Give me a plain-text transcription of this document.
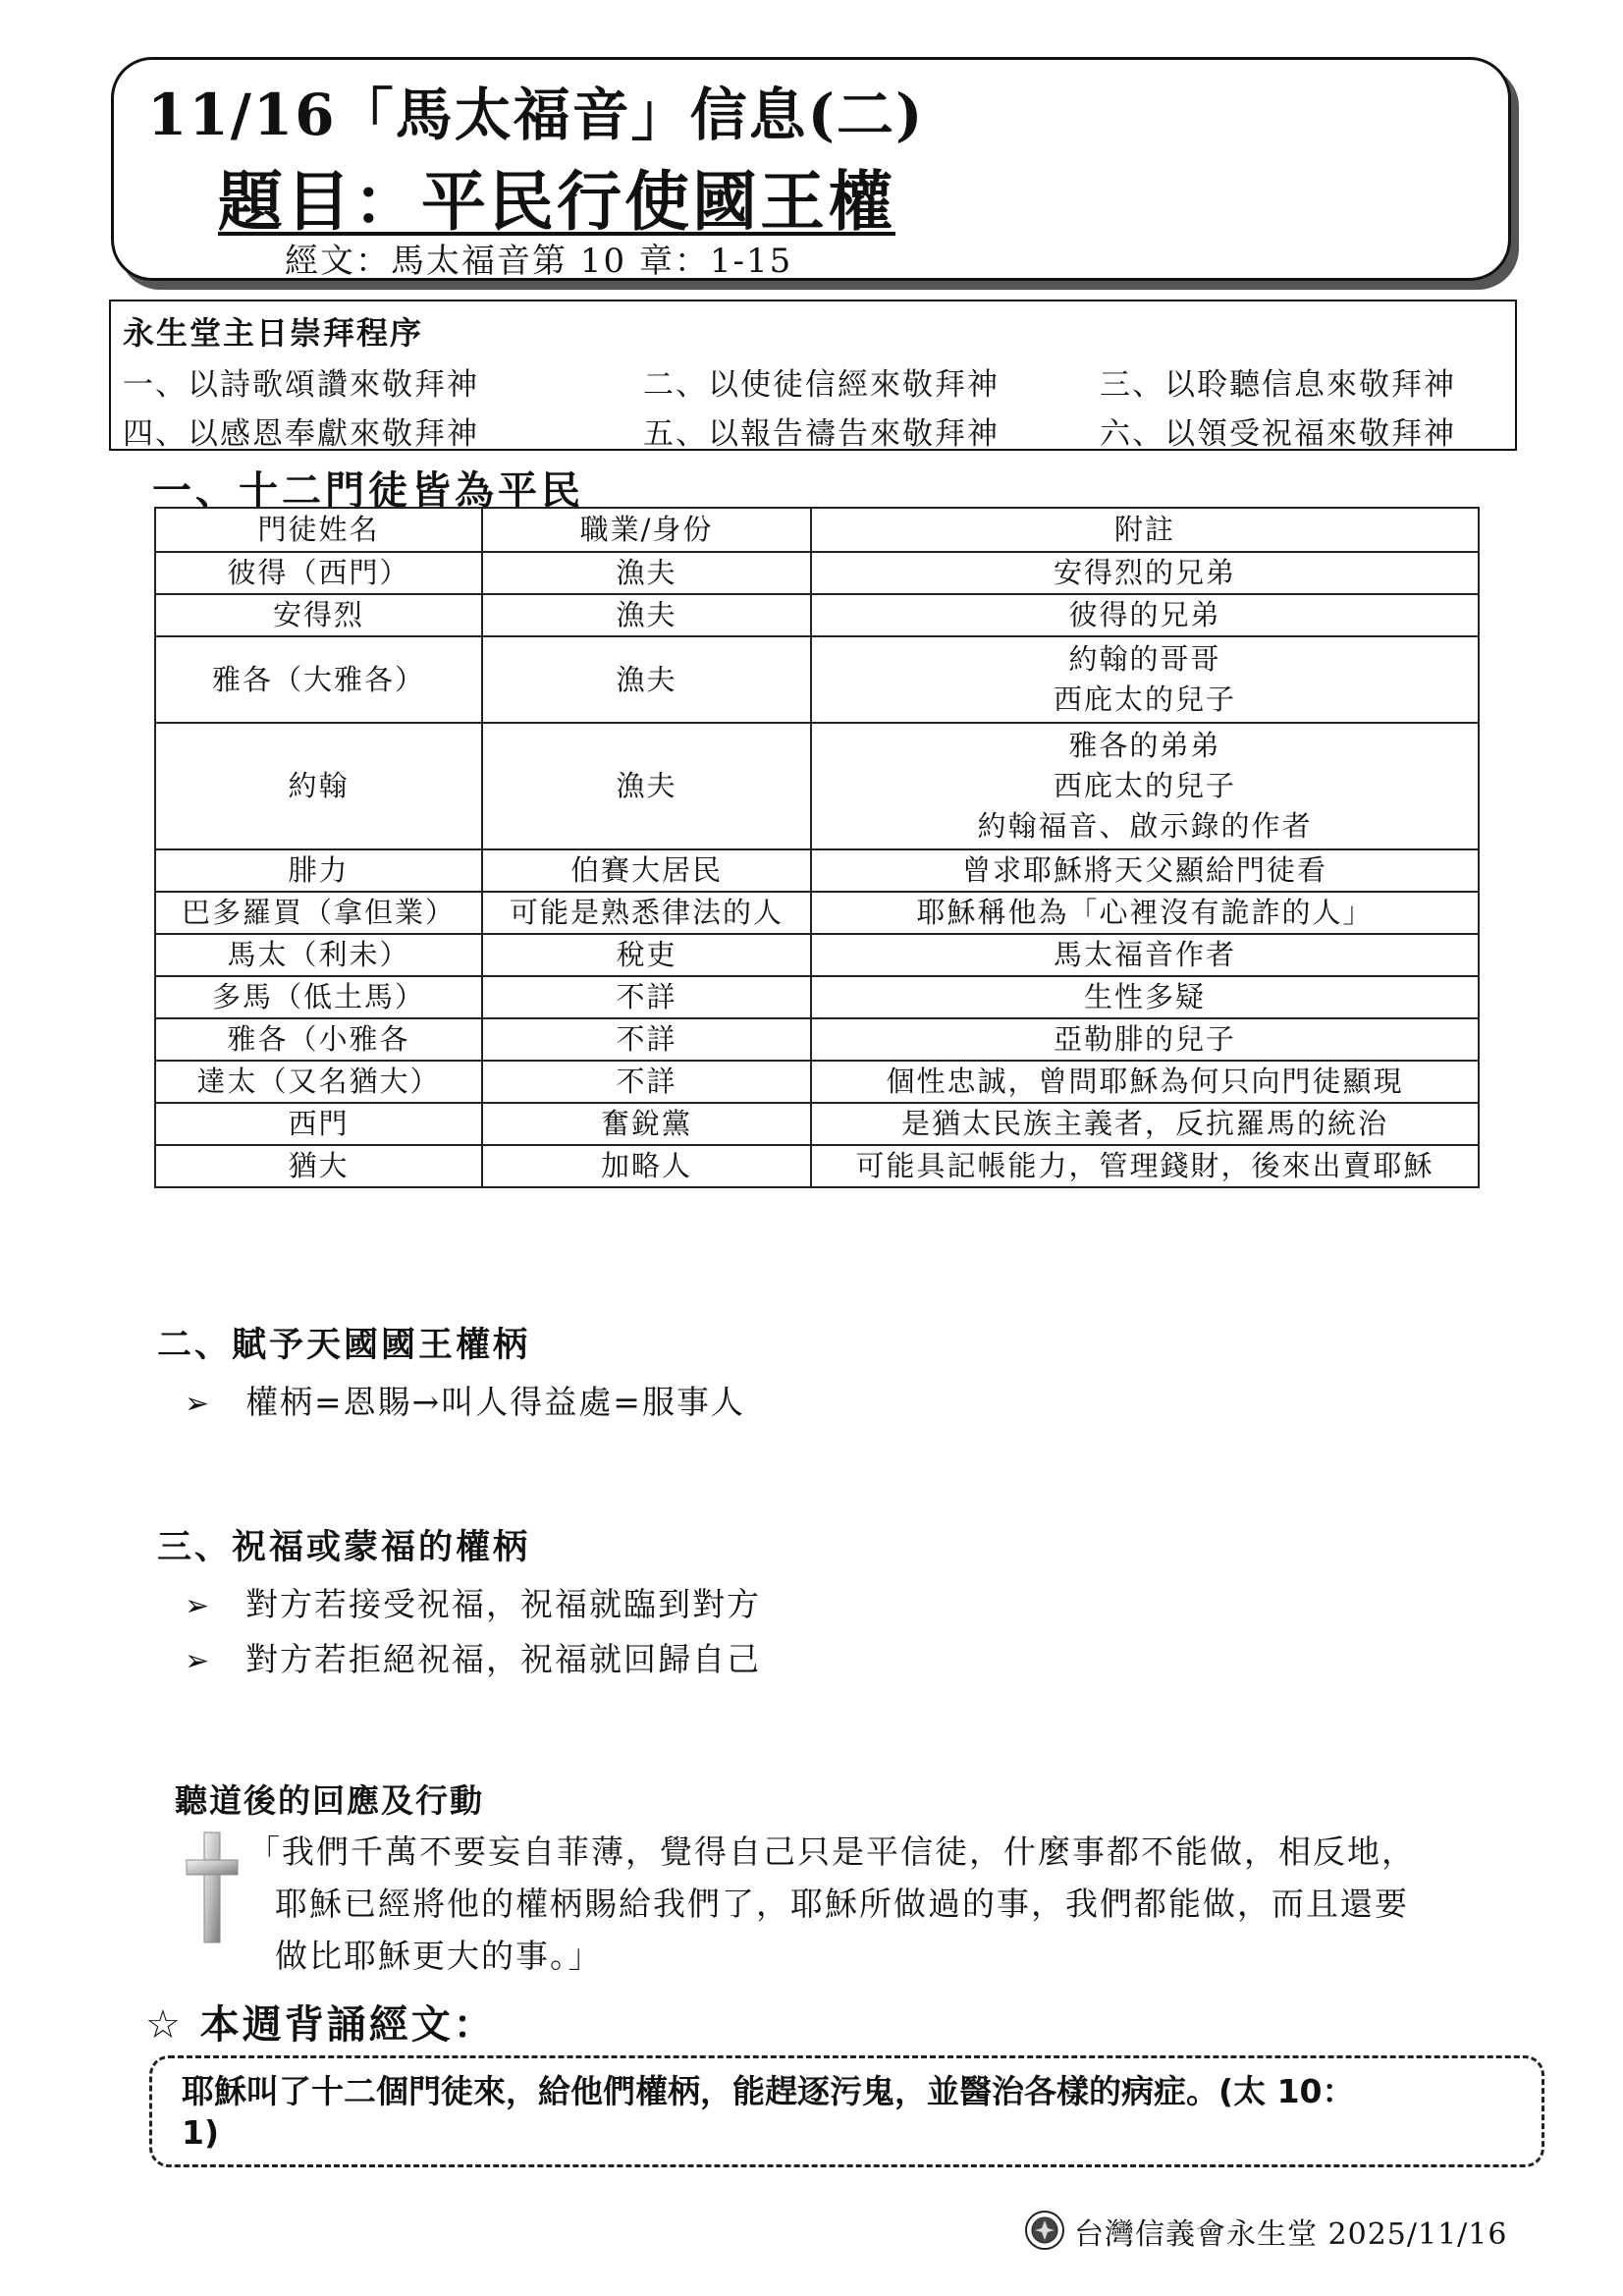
11/16「馬太福音」信息(二)
題目：平民行使國王權
經文：馬太福音第 10 章：1-15
永生堂主日崇拜程序
一、以詩歌頌讚來敬拜神	二、以使徒信經來敬拜神	三、以聆聽信息來敬拜神
四、以感恩奉獻來敬拜神	五、以報告禱告來敬拜神	六、以領受祝福來敬拜神
一、十二門徒皆為平民
門徒姓名	職業/身份	附註
彼得（西門）	漁夫	安得烈的兄弟

安得烈	漁夫	彼得的兄弟

雅各（大雅各）	漁夫	約翰的哥哥
西庇太的兒子

約翰	漁夫	雅各的弟弟
西庇太的兒子
約翰福音、啟示錄的作者

腓力	伯賽大居民	曾求耶穌將天父顯給門徒看

巴多羅買（拿但業）	可能是熟悉律法的人	耶穌稱他為「心裡沒有詭詐的人」

馬太（利未）	稅吏	馬太福音作者

多馬（低土馬）	不詳	生性多疑

雅各（小雅各	不詳	亞勒腓的兒子

達太（又名猶大）	不詳	個性忠誠，曾問耶穌為何只向門徒顯現

西門	奮銳黨	是猶太民族主義者，反抗羅馬的統治

猶大	加略人	可能具記帳能力，管理錢財，後來出賣耶穌
二、賦予天國國王權柄
➢ 權柄=恩賜→叫人得益處=服事人
三、祝福或蒙福的權柄
➢ 對方若接受祝福，祝福就臨到對方
➢ 對方若拒絕祝福，祝福就回歸自己
聽道後的回應及行動
「我們千萬不要妄自菲薄，覺得自己只是平信徒，什麼事都不能做，相反地，
耶穌已經將他的權柄賜給我們了，耶穌所做過的事，我們都能做，而且還要
做比耶穌更大的事。」
☆ 本週背誦經文：
耶穌叫了十二個門徒來，給他們權柄，能趕逐污鬼，並醫治各樣的病症。(太 10：
1)
台灣信義會永生堂 2025/11/16
